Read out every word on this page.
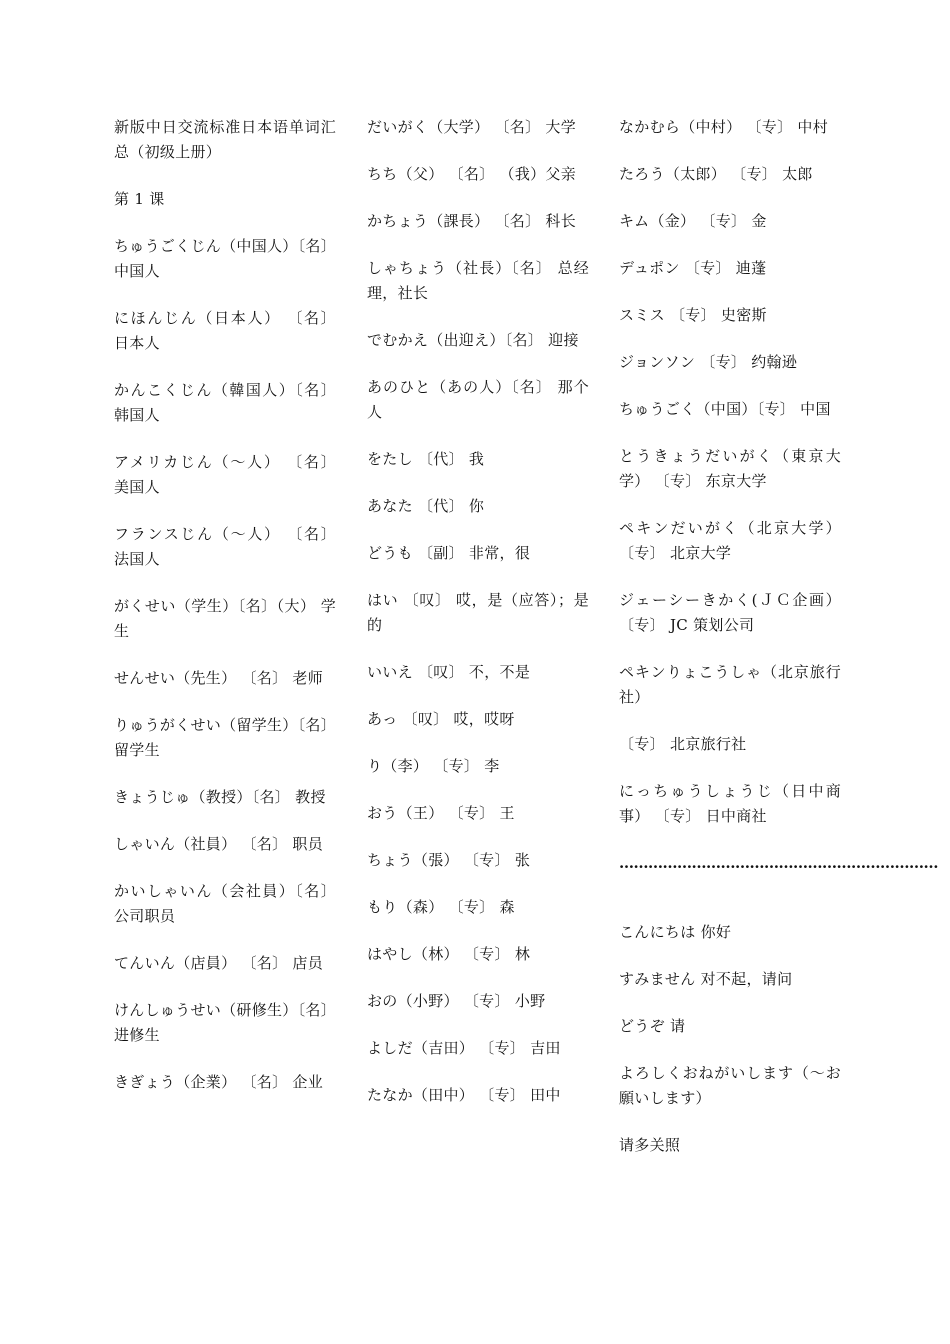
新版中日交流标准日本语单词汇总（初级上册）
第 1 课
ちゅうごくじん（中国人）〔名〕 中国人
にほんじん（日本人） 〔名〕 日本人
かんこくじん（韓国人）〔名〕 韩国人
アメリカじん（～人） 〔名〕 美国人
フランスじん（～人） 〔名〕 法国人
がくせい（学生）〔名〕（大） 学生
せんせい（先生） 〔名〕 老师
りゅうがくせい（留学生）〔名〕 留学生
きょうじゅ（教授）〔名〕 教授
しゃいん（社員） 〔名〕 职员
かいしゃいん（会社員）〔名〕 公司职员
てんいん（店員） 〔名〕 店员
けんしゅうせい（研修生）〔名〕 进修生
きぎょう（企業） 〔名〕 企业
だいがく（大学） 〔名〕 大学
ちち（父） 〔名〕 （我）父亲
かちょう（課長） 〔名〕 科长
しゃちょう（社長）〔名〕 总经理，社长
でむかえ（出迎え）〔名〕 迎接
あのひと（あの人）〔名〕 那个人
をたし 〔代〕 我
あなた 〔代〕 你
どうも 〔副〕 非常，很
はい 〔叹〕 哎，是（应答）；是的
いいえ 〔叹〕 不，不是
あっ 〔叹〕 哎，哎呀
り（李） 〔专〕 李
おう（王） 〔专〕 王
ちょう（張） 〔专〕 张
もり（森） 〔专〕 森
はやし（林） 〔专〕 林
おの（小野） 〔专〕 小野
よしだ（吉田） 〔专〕 吉田
たなか（田中） 〔专〕 田中
なかむら（中村） 〔专〕 中村
たろう（太郎） 〔专〕 太郎
キム（金） 〔专〕 金
デュポン 〔专〕 迪蓬
スミス 〔专〕 史密斯
ジョンソン 〔专〕 约翰逊
ちゅうごく（中国）〔专〕 中国
とうきょうだいがく（東京大学） 〔专〕 东京大学
ペキンだいがく（北京大学）〔专〕 北京大学
ジェーシーきかく(ＪＣ企画）〔专〕 JC 策划公司
ペキンりょこうしゃ（北京旅行社）
〔专〕 北京旅行社
にっちゅうしょうじ（日中商事） 〔专〕 日中商社
…………………………………………………………
こんにちは 你好
すみません 对不起，请问
どうぞ 请
よろしくおねがいします（～お願いします）
请多关照
